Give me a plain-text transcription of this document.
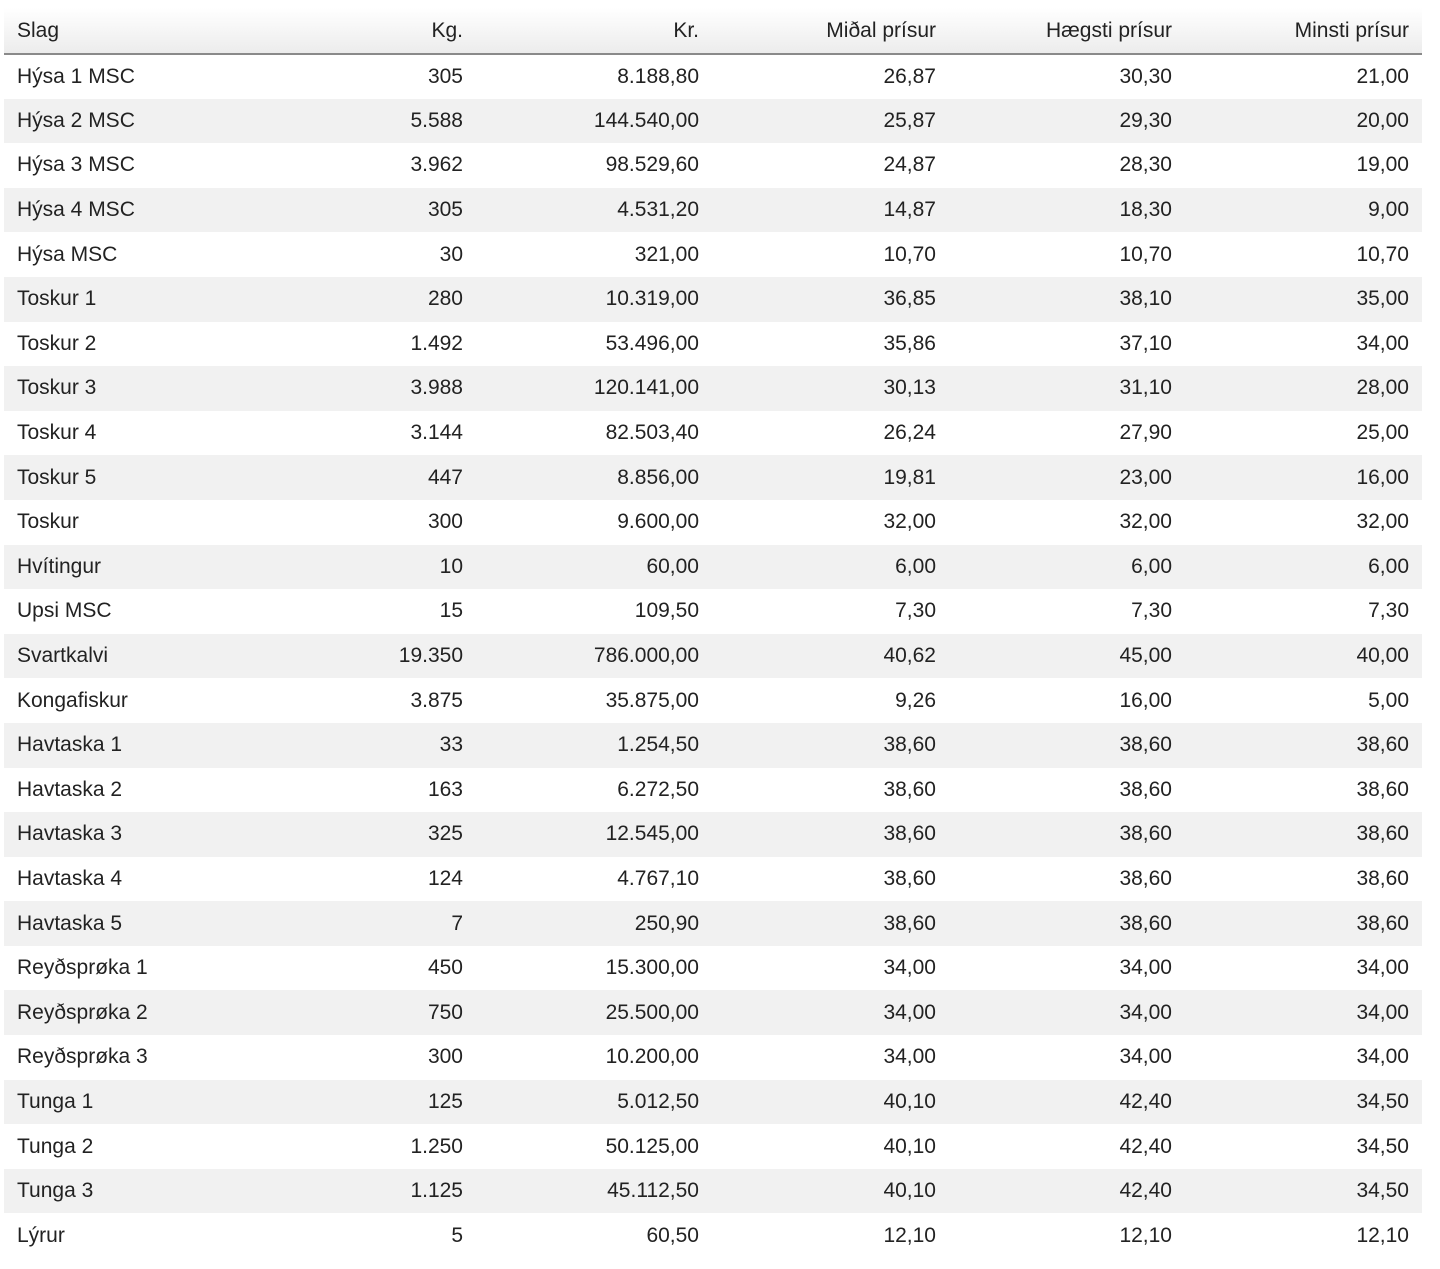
Slag	Kg.	Kr.	Miðal prísur	Hægsti prísur	Minsti prísur
Hýsa 1 MSC	305	8.188,80	26,87	30,30	21,00
Hýsa 2 MSC	5.588	144.540,00	25,87	29,30	20,00
Hýsa 3 MSC	3.962	98.529,60	24,87	28,30	19,00
Hýsa 4 MSC	305	4.531,20	14,87	18,30	9,00
Hýsa MSC	30	321,00	10,70	10,70	10,70
Toskur 1	280	10.319,00	36,85	38,10	35,00
Toskur 2	1.492	53.496,00	35,86	37,10	34,00
Toskur 3	3.988	120.141,00	30,13	31,10	28,00
Toskur 4	3.144	82.503,40	26,24	27,90	25,00
Toskur 5	447	8.856,00	19,81	23,00	16,00
Toskur	300	9.600,00	32,00	32,00	32,00
Hvítingur	10	60,00	6,00	6,00	6,00
Upsi MSC	15	109,50	7,30	7,30	7,30
Svartkalvi	19.350	786.000,00	40,62	45,00	40,00
Kongafiskur	3.875	35.875,00	9,26	16,00	5,00
Havtaska 1	33	1.254,50	38,60	38,60	38,60
Havtaska 2	163	6.272,50	38,60	38,60	38,60
Havtaska 3	325	12.545,00	38,60	38,60	38,60
Havtaska 4	124	4.767,10	38,60	38,60	38,60
Havtaska 5	7	250,90	38,60	38,60	38,60
Reyðsprøka 1	450	15.300,00	34,00	34,00	34,00
Reyðsprøka 2	750	25.500,00	34,00	34,00	34,00
Reyðsprøka 3	300	10.200,00	34,00	34,00	34,00
Tunga 1	125	5.012,50	40,10	42,40	34,50
Tunga 2	1.250	50.125,00	40,10	42,40	34,50
Tunga 3	1.125	45.112,50	40,10	42,40	34,50
Lýrur	5	60,50	12,10	12,10	12,10
